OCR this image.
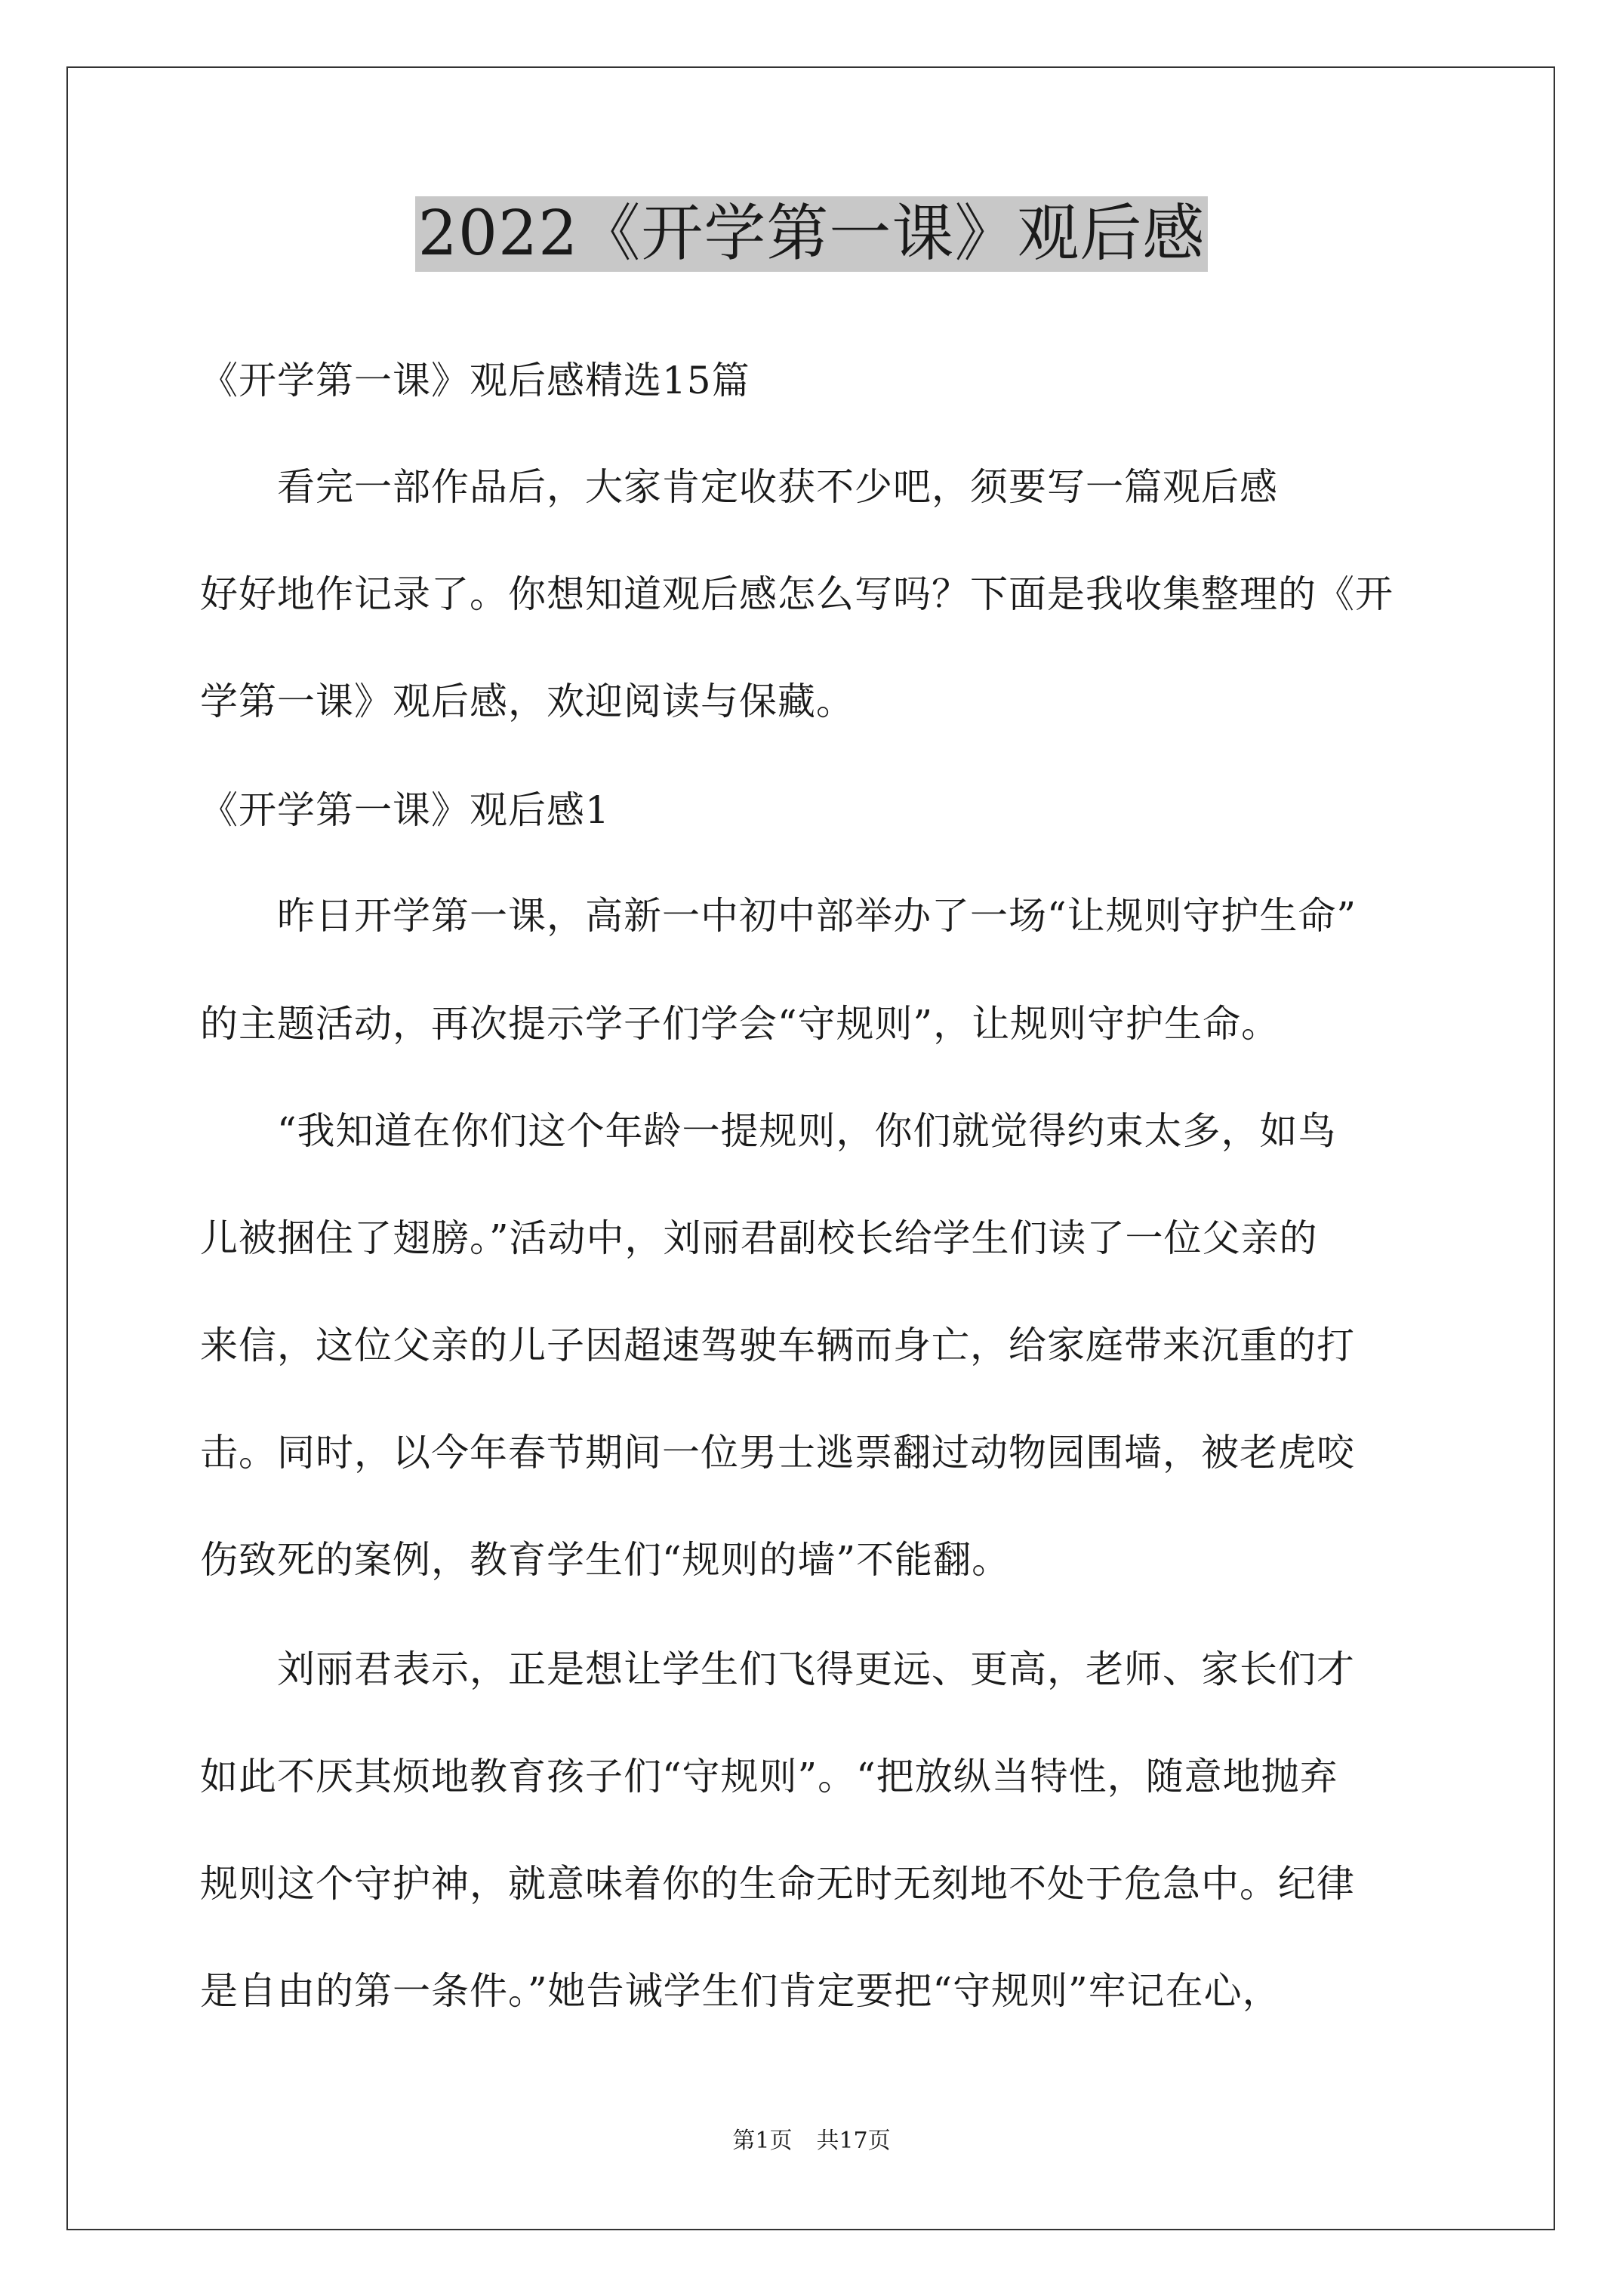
2022《开学第一课》观后感
《开学第一课》观后感精选15篇
　　看完一部作品后，大家肯定收获不少吧，须要写一篇观后感
好好地作记录了。你想知道观后感怎么写吗？下面是我收集整理的《开
学第一课》观后感，欢迎阅读与保藏。
《开学第一课》观后感1
　　昨日开学第一课，高新一中初中部举办了一场“让规则守护生命”
的主题活动，再次提示学子们学会“守规则”，让规则守护生命。
　　“我知道在你们这个年龄一提规则，你们就觉得约束太多，如鸟
儿被捆住了翅膀。”活动中，刘丽君副校长给学生们读了一位父亲的
来信，这位父亲的儿子因超速驾驶车辆而身亡，给家庭带来沉重的打
击。同时，以今年春节期间一位男士逃票翻过动物园围墙，被老虎咬
伤致死的案例，教育学生们“规则的墙”不能翻。
　　刘丽君表示，正是想让学生们飞得更远、更高，老师、家长们才
如此不厌其烦地教育孩子们“守规则”。“把放纵当特性，随意地抛弃
规则这个守护神，就意味着你的生命无时无刻地不处于危急中。纪律
是自由的第一条件。”她告诫学生们肯定要把“守规则”牢记在心，
第1页 共17页
